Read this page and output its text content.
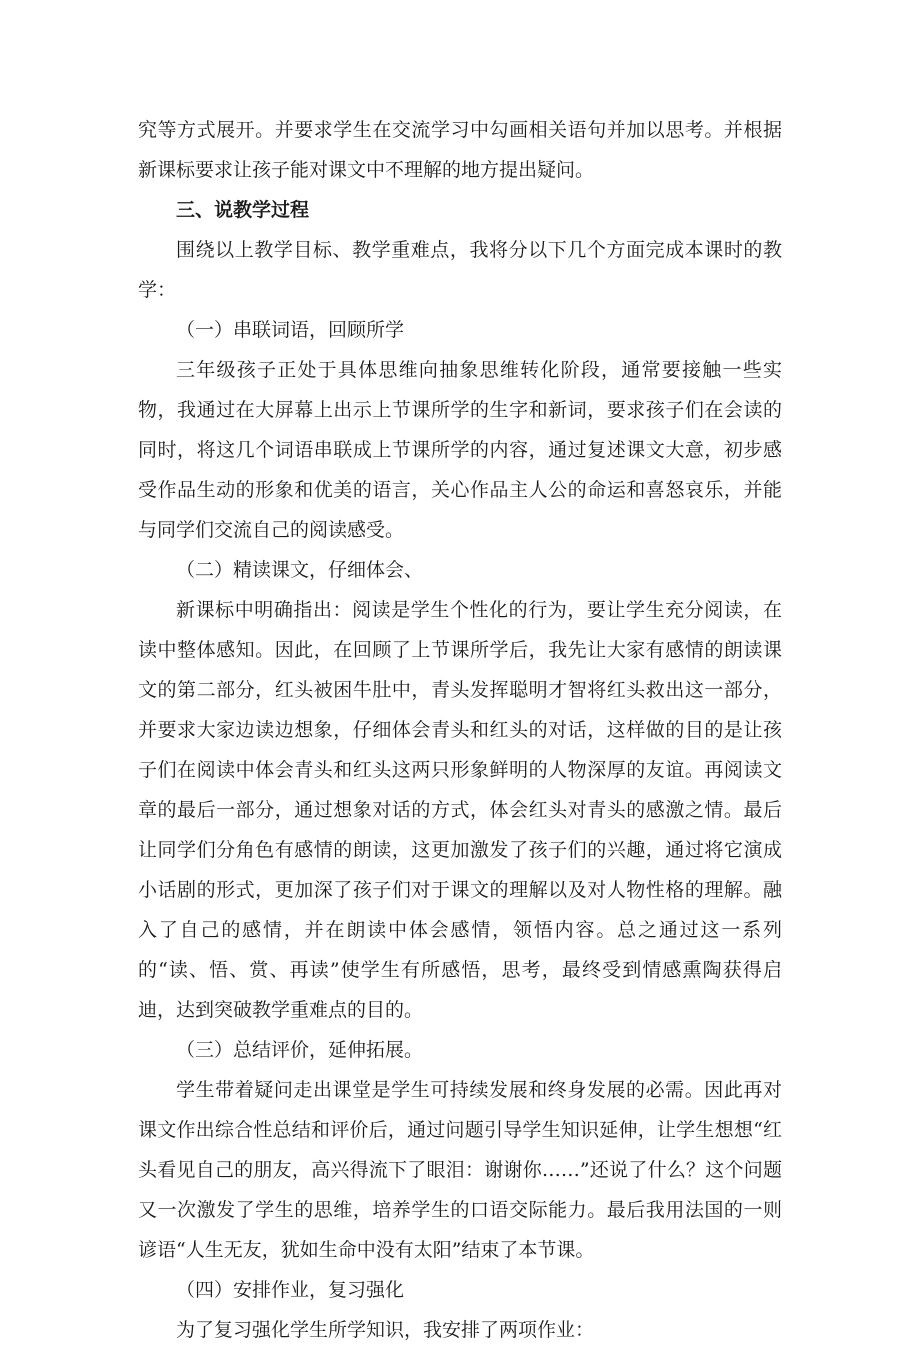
究等方式展开。并要求学生在交流学习中勾画相关语句并加以思考。并根据新课标要求让孩子能对课文中不理解的地方提出疑问。

三、说教学过程

围绕以上教学目标、教学重难点，我将分以下几个方面完成本课时的教学：

（一）串联词语，回顾所学

三年级孩子正处于具体思维向抽象思维转化阶段，通常要接触一些实物，我通过在大屏幕上出示上节课所学的生字和新词，要求孩子们在会读的同时，将这几个词语串联成上节课所学的内容，通过复述课文大意，初步感受作品生动的形象和优美的语言，关心作品主人公的命运和喜怒哀乐，并能与同学们交流自己的阅读感受。

（二）精读课文，仔细体会、

新课标中明确指出：阅读是学生个性化的行为，要让学生充分阅读，在读中整体感知。因此，在回顾了上节课所学后，我先让大家有感情的朗读课文的第二部分，红头被困牛肚中，青头发挥聪明才智将红头救出这一部分，并要求大家边读边想象，仔细体会青头和红头的对话，这样做的目的是让孩子们在阅读中体会青头和红头这两只形象鲜明的人物深厚的友谊。再阅读文章的最后一部分，通过想象对话的方式，体会红头对青头的感激之情。最后让同学们分角色有感情的朗读，这更加激发了孩子们的兴趣，通过将它演成小话剧的形式，更加深了孩子们对于课文的理解以及对人物性格的理解。融入了自己的感情，并在朗读中体会感情，领悟内容。总之通过这一系列的“读、悟、赏、再读”使学生有所感悟，思考，最终受到情感熏陶获得启迪，达到突破教学重难点的目的。

（三）总结评价，延伸拓展。

学生带着疑问走出课堂是学生可持续发展和终身发展的必需。因此再对课文作出综合性总结和评价后，通过问题引导学生知识延伸，让学生想想“红头看见自己的朋友，高兴得流下了眼泪：谢谢你……”还说了什么？这个问题又一次激发了学生的思维，培养学生的口语交际能力。最后我用法国的一则谚语“人生无友，犹如生命中没有太阳”结束了本节课。

（四）安排作业，复习强化

为了复习强化学生所学知识，我安排了两项作业：
